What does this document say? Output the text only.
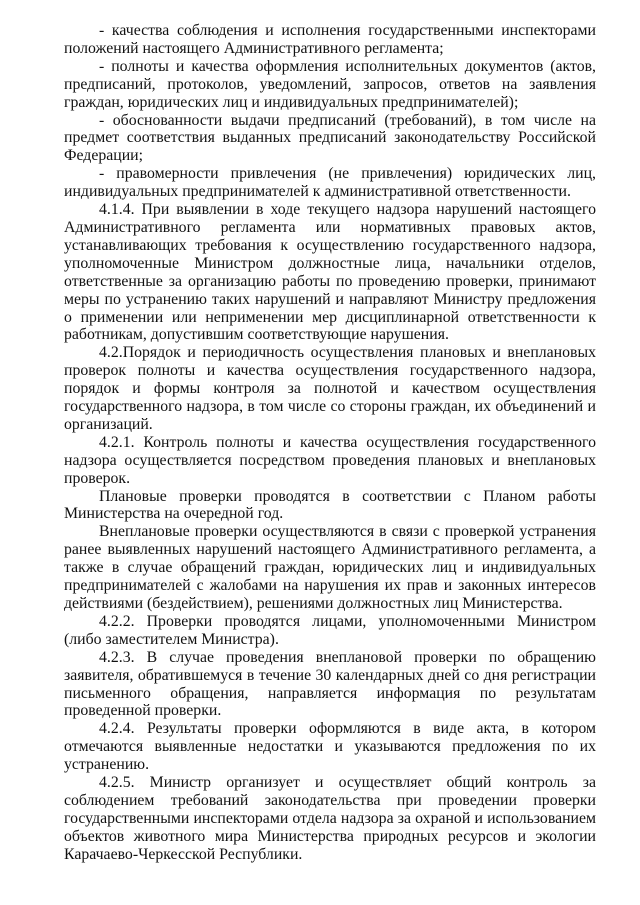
- качества соблюдения и исполнения государственными инспекторами положений настоящего Административного регламента;

- полноты и качества оформления исполнительных документов (актов, предписаний, протоколов, уведомлений, запросов, ответов на заявления граждан, юридических лиц и индивидуальных предпринимателей);

- обоснованности выдачи предписаний (требований), в том числе на предмет соответствия выданных предписаний законодательству Российской Федерации;

- правомерности привлечения (не привлечения) юридических лиц, индивидуальных предпринимателей к административной ответственности.

4.1.4. При выявлении в ходе текущего надзора нарушений настоящего Административного регламента или нормативных правовых актов, устанавливающих требования к осуществлению государственного надзора, уполномоченные Министром должностные лица, начальники отделов, ответственные за организацию работы по проведению проверки, принимают меры по устранению таких нарушений и направляют Министру предложения о применении или неприменении мер дисциплинарной ответственности к работникам, допустившим соответствующие нарушения.

4.2.Порядок и периодичность осуществления плановых и внеплановых проверок полноты и качества осуществления государственного надзора, порядок и формы контроля за полнотой и качеством осуществления государственного надзора, в том числе со стороны граждан, их объединений и организаций.

4.2.1. Контроль полноты и качества осуществления государственного надзора осуществляется посредством проведения плановых и внеплановых проверок.

Плановые проверки проводятся в соответствии с Планом работы Министерства на очередной год.

Внеплановые проверки осуществляются в связи с проверкой устранения ранее выявленных нарушений настоящего Административного регламента, а также в случае обращений граждан, юридических лиц и индивидуальных предпринимателей с жалобами на нарушения их прав и законных интересов действиями (бездействием), решениями должностных лиц Министерства.

4.2.2. Проверки проводятся лицами, уполномоченными Министром (либо заместителем Министра).

4.2.3. В случае проведения внеплановой проверки по обращению заявителя, обратившемуся в течение 30 календарных дней со дня регистрации письменного обращения, направляется информация по результатам проведенной проверки.

4.2.4. Результаты проверки оформляются в виде акта, в котором отмечаются выявленные недостатки и указываются предложения по их устранению.

4.2.5. Министр организует и осуществляет общий контроль за соблюдением требований законодательства при проведении проверки государственными инспекторами отдела надзора за охраной и использованием объектов животного мира Министерства природных ресурсов и экологии Карачаево-Черкесской Республики.
